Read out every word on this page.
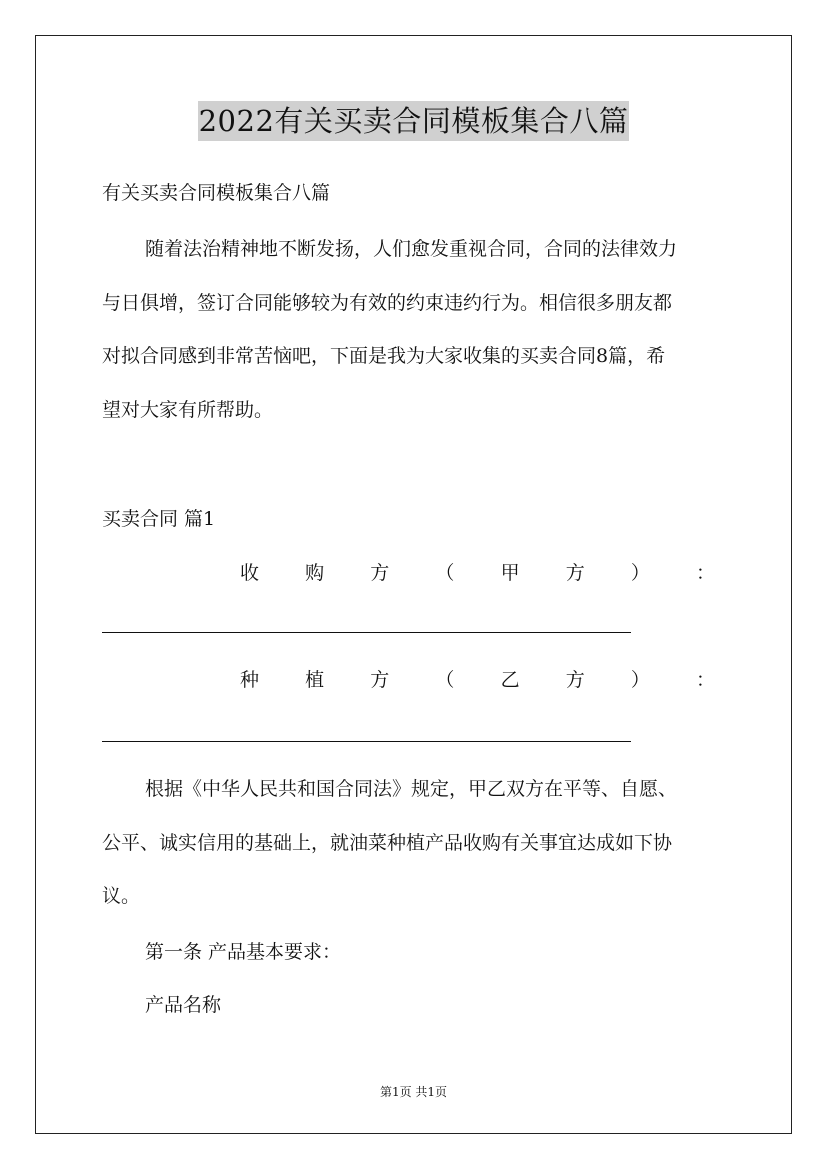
2022有关买卖合同模板集合八篇
有关买卖合同模板集合八篇
随着法治精神地不断发扬，人们愈发重视合同，合同的法律效力
与日俱增，签订合同能够较为有效的约束违约行为。相信很多朋友都
对拟合同感到非常苦恼吧，下面是我为大家收集的买卖合同8篇，希
望对大家有所帮助。
买卖合同 篇1
收 购 方 （ 甲 方 ） ：
种 植 方 （ 乙 方 ） ：
根据《中华人民共和国合同法》规定，甲乙双方在平等、自愿、
公平、诚实信用的基础上，就油菜种植产品收购有关事宜达成如下协
议。
第一条 产品基本要求：
产品名称
第1页 共1页
